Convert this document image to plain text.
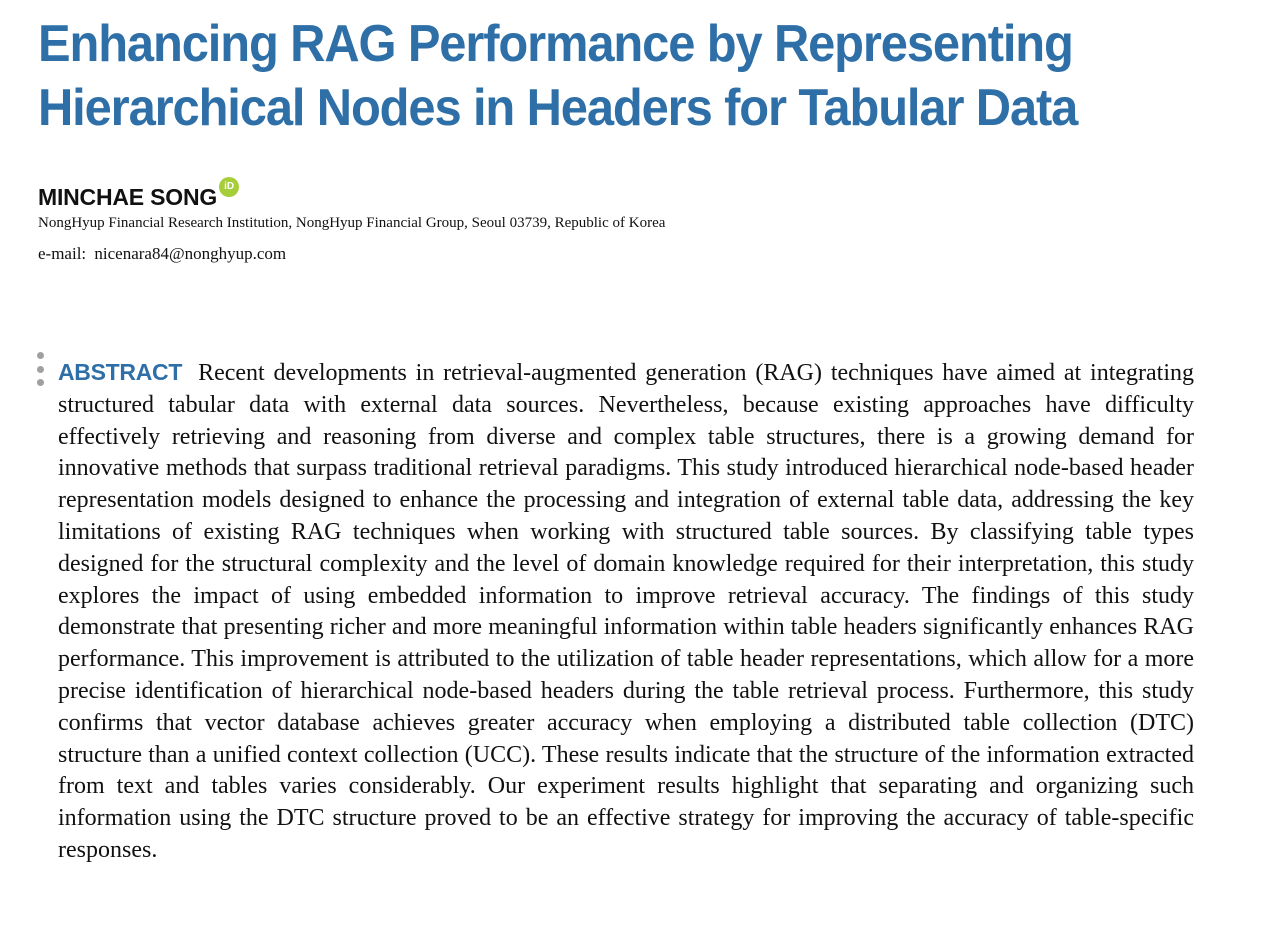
Enhancing RAG Performance by Representing Hierarchical Nodes in Headers for Tabular Data
MINCHAE SONG iD
NongHyup Financial Research Institution, NongHyup Financial Group, Seoul 03739, Republic of Korea
e-mail: nicenara84@nonghyup.com

ABSTRACT Recent developments in retrieval-augmented generation (RAG) techniques have aimed at integrating structured tabular data with external data sources. Nevertheless, because existing approaches have difficulty effectively retrieving and reasoning from diverse and complex table structures, there is a growing demand for innovative methods that surpass traditional retrieval paradigms. This study introduced hierarchical node-based header representation models designed to enhance the processing and integration of external table data, addressing the key limitations of existing RAG techniques when working with structured table sources. By classifying table types designed for the structural complexity and the level of domain knowledge required for their interpretation, this study explores the impact of using embedded information to improve retrieval accuracy. The findings of this study demonstrate that presenting richer and more meaningful information within table headers significantly enhances RAG performance. This improvement is attributed to the utilization of table header representations, which allow for a more precise identification of hierarchical node-based headers during the table retrieval process. Furthermore, this study confirms that vector database achieves greater accuracy when employing a distributed table collection (DTC) structure than a unified context collection (UCC). These results indicate that the structure of the information extracted from text and tables varies considerably. Our experiment results highlight that separating and organizing such information using the DTC structure proved to be an effective strategy for improving the accuracy of table-specific responses.
